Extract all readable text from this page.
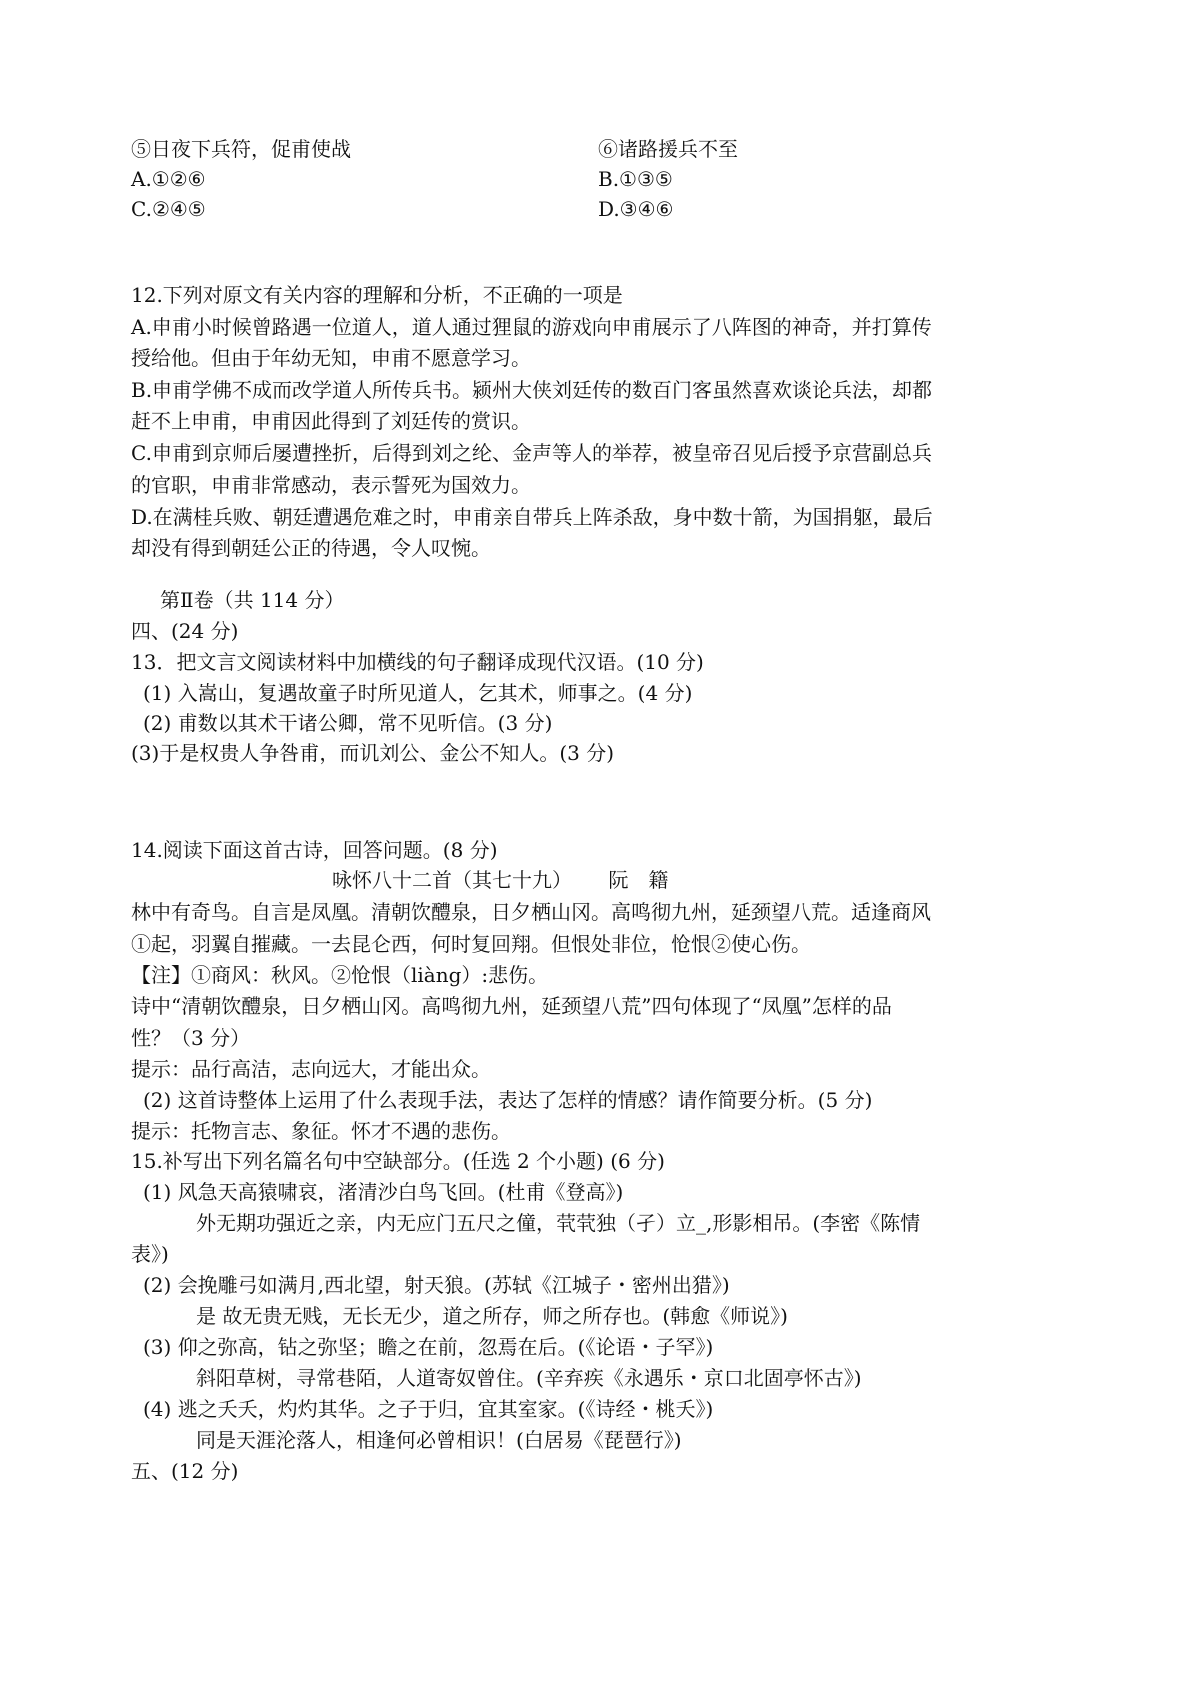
⑤日夜下兵符，促甫使战	⑥诸路援兵不至
A.①②⑥	B.①③⑤
C.②④⑤	D.③④⑥
12.下列对原文有关内容的理解和分析，不正确的一项是
A.申甫小时候曾路遇一位道人，道人通过狸鼠的游戏向申甫展示了八阵图的神奇，并打算传
授给他。但由于年幼无知，申甫不愿意学习。
B.申甫学佛不成而改学道人所传兵书。颍州大侠刘廷传的数百门客虽然喜欢谈论兵法，却都
赶不上申甫，申甫因此得到了刘廷传的赏识。
C.申甫到京师后屡遭挫折，后得到刘之纶、金声等人的举荐，被皇帝召见后授予京营副总兵
的官职，申甫非常感动，表示誓死为国效力。
D.在满桂兵败、朝廷遭遇危难之时，申甫亲自带兵上阵杀敌，身中数十箭，为国捐躯，最后
却没有得到朝廷公正的待遇，令人叹惋。
第Ⅱ卷（共 114 分）
四、(24 分)
13．把文言文阅读材料中加横线的句子翻译成现代汉语。(10 分)
(1) 入嵩山，复遇故童子时所见道人，乞其术，师事之。(4 分)
(2) 甫数以其术干诸公卿，常不见听信。(3 分)
(3)于是权贵人争咎甫，而讥刘公、金公不知人。(3 分)
14.阅读下面这首古诗，回答问题。(8 分)
咏怀八十二首（其七十九）　　 阮　籍
林中有奇鸟。自言是凤凰。清朝饮醴泉，日夕栖山冈。高鸣彻九州，延颈望八荒。适逢商风
①起，羽翼自摧藏。一去昆仑西，何时复回翔。但恨处非位，怆恨②使心伤。
【注】①商风：秋风。②怆恨（liàng）:悲伤。
诗中“清朝饮醴泉，日夕栖山冈。高鸣彻九州，延颈望八荒”四句体现了“凤凰”怎样的品
性？（3 分）
提示：品行高洁，志向远大，才能出众。
(2) 这首诗整体上运用了什么表现手法，表达了怎样的情感？请作简要分析。(5 分)
提示：托物言志、象征。怀才不遇的悲伤。
15.补写出下列名篇名句中空缺部分。(任选 2 个小题) (6 分)
(1) 风急天高猿啸哀，渚清沙白鸟飞回。(杜甫《登高》)
外无期功强近之亲，内无应门五尺之僮，茕茕独（孑）立_,形影相吊。(李密《陈情
表》)
(2) 会挽雕弓如满月,西北望，射天狼。(苏轼《江城子・密州出猎》)
是 故无贵无贱，无长无少，道之所存，师之所存也。(韩愈《师说》)
(3) 仰之弥高，钻之弥坚；瞻之在前，忽焉在后。(《论语・子罕》)
斜阳草树，寻常巷陌，人道寄奴曾住。(辛弃疾《永遇乐・京口北固亭怀古》)
(4) 逃之夭夭，灼灼其华。之子于归，宜其室家。(《诗经・桃夭》)
同是天涯沦落人，相逢何必曾相识！(白居易《琵琶行》)
五、(12 分)
